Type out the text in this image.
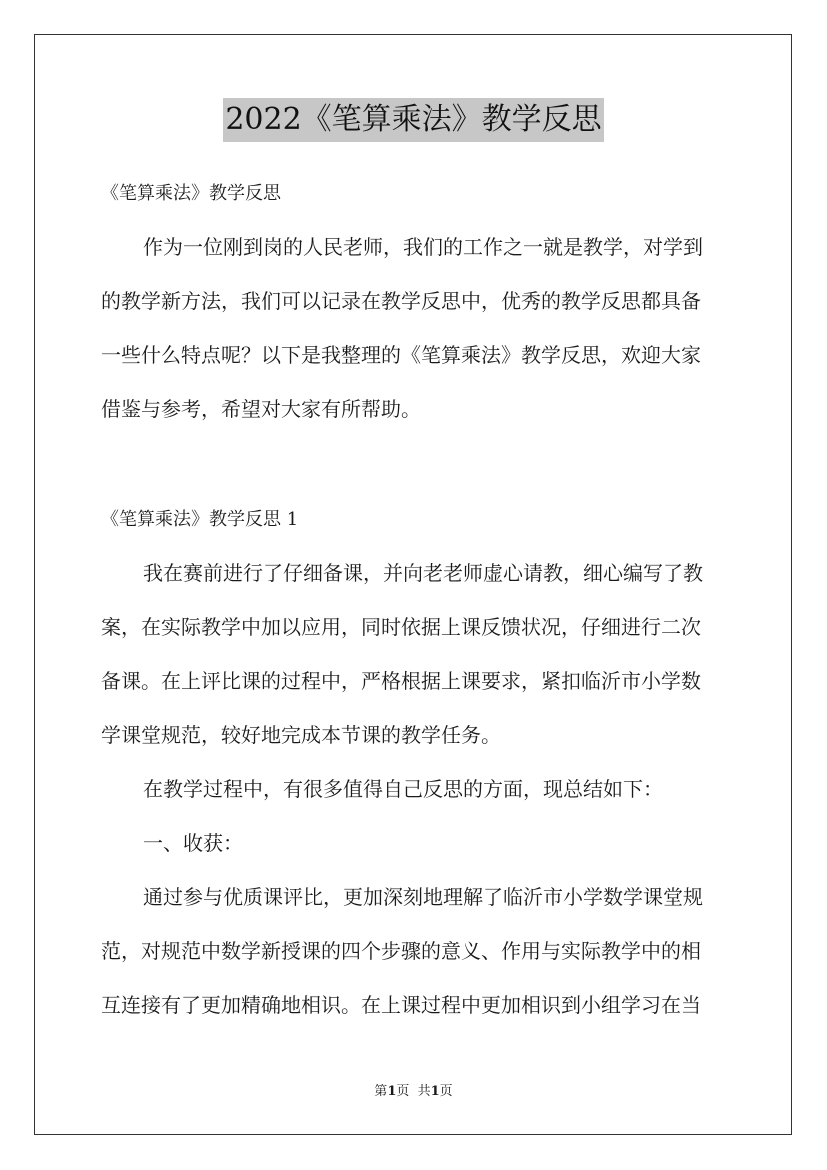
2022《笔算乘法》教学反思
《笔算乘法》教学反思
作为一位刚到岗的人民老师，我们的工作之一就是教学，对学到
的教学新方法，我们可以记录在教学反思中，优秀的教学反思都具备
一些什么特点呢？以下是我整理的《笔算乘法》教学反思，欢迎大家
借鉴与参考，希望对大家有所帮助。
《笔算乘法》教学反思 1
我在赛前进行了仔细备课，并向老老师虚心请教，细心编写了教
案，在实际教学中加以应用，同时依据上课反馈状况，仔细进行二次
备课。在上评比课的过程中，严格根据上课要求，紧扣临沂市小学数
学课堂规范，较好地完成本节课的教学任务。
在教学过程中，有很多值得自己反思的方面，现总结如下：
一、收获：
通过参与优质课评比，更加深刻地理解了临沂市小学数学课堂规
范，对规范中数学新授课的四个步骤的意义、作用与实际教学中的相
互连接有了更加精确地相识。在上课过程中更加相识到小组学习在当
第1页  共1页
